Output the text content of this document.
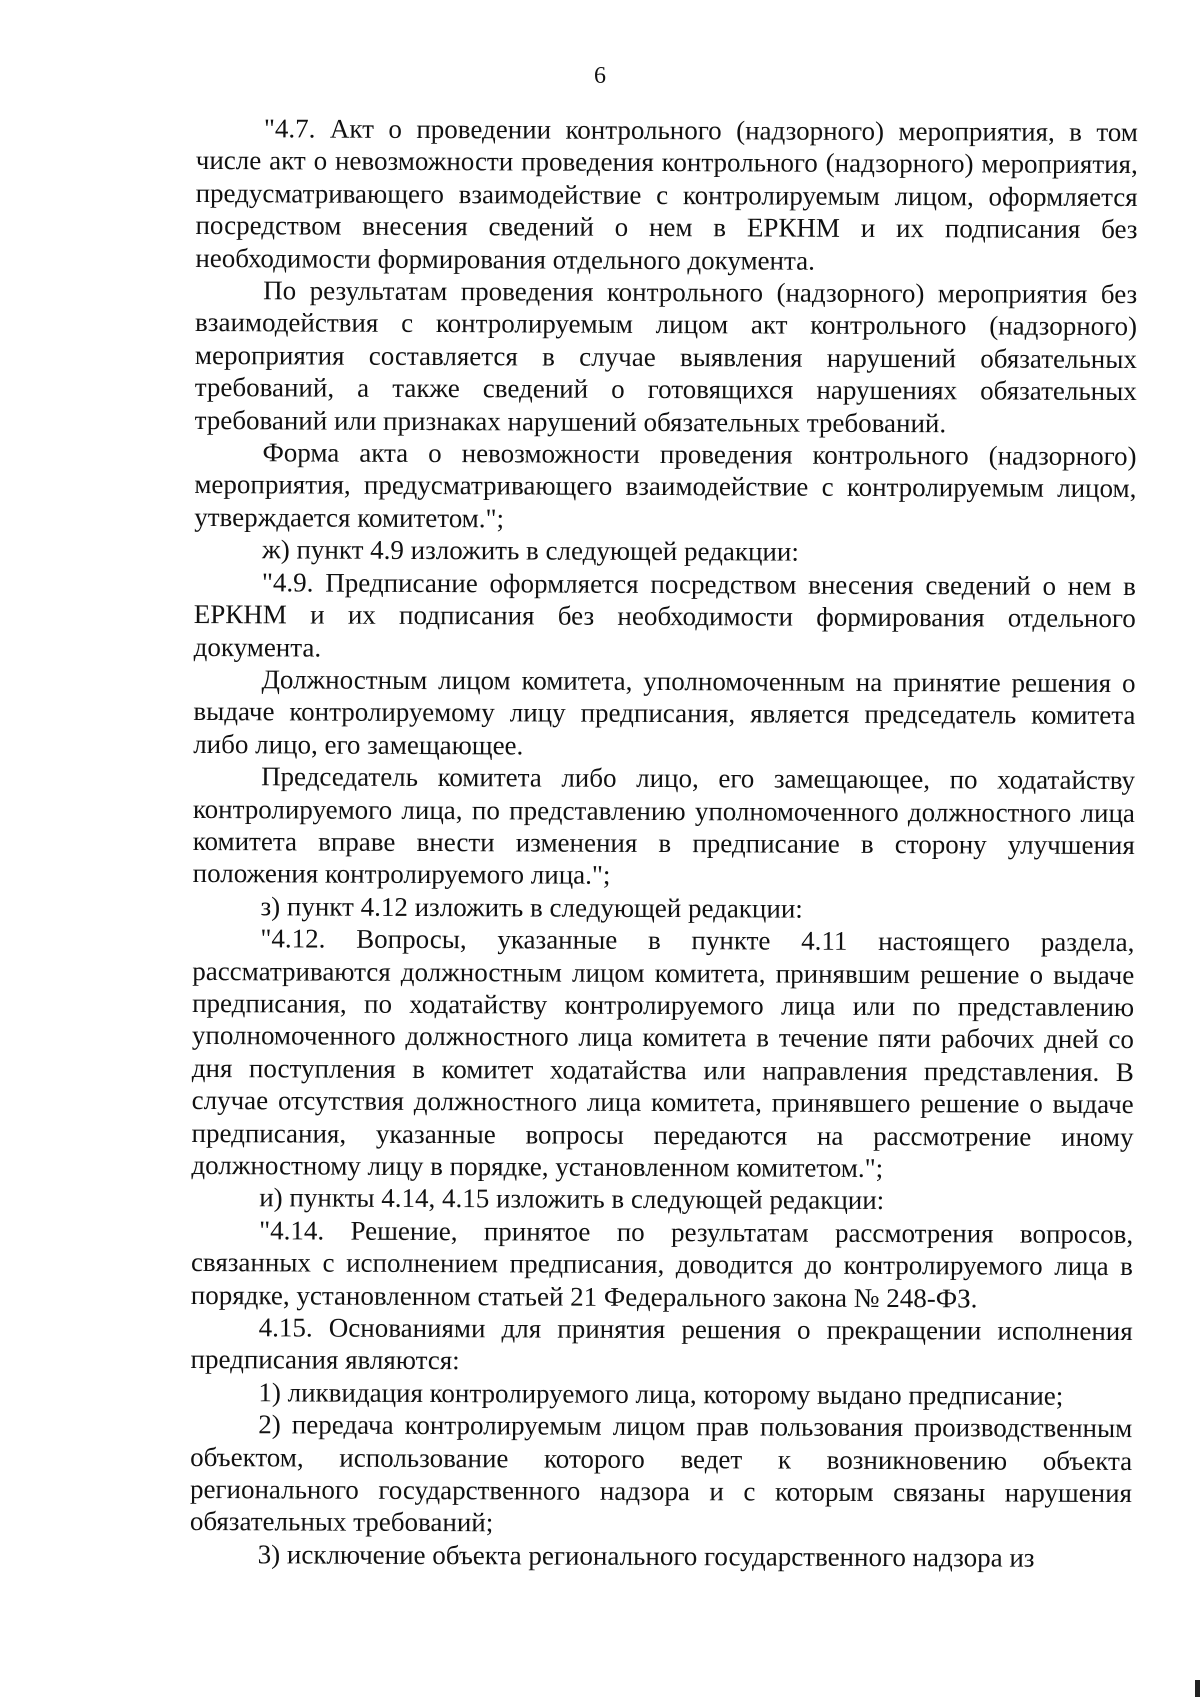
6

"4.7. Акт о проведении контрольного (надзорного) мероприятия, в том числе акт о невозможности проведения контрольного (надзорного) мероприятия, предусматривающего взаимодействие с контролируемым лицом, оформляется посредством внесения сведений о нем в ЕРКНМ и их подписания без необходимости формирования отдельного документа.

По результатам проведения контрольного (надзорного) мероприятия без взаимодействия с контролируемым лицом акт контрольного (надзорного) мероприятия составляется в случае выявления нарушений обязательных требований, а также сведений о готовящихся нарушениях обязательных требований или признаках нарушений обязательных требований.

Форма акта о невозможности проведения контрольного (надзорного) мероприятия, предусматривающего взаимодействие с контролируемым лицом, утверждается комитетом.";

ж) пункт 4.9 изложить в следующей редакции:

"4.9. Предписание оформляется посредством внесения сведений о нем в ЕРКНМ и их подписания без необходимости формирования отдельного документа.

Должностным лицом комитета, уполномоченным на принятие решения о выдаче контролируемому лицу предписания, является председатель комитета либо лицо, его замещающее.

Председатель комитета либо лицо, его замещающее, по ходатайству контролируемого лица, по представлению уполномоченного должностного лица комитета вправе внести изменения в предписание в сторону улучшения положения контролируемого лица.";

з) пункт 4.12 изложить в следующей редакции:

"4.12. Вопросы, указанные в пункте 4.11 настоящего раздела, рассматриваются должностным лицом комитета, принявшим решение о выдаче предписания, по ходатайству контролируемого лица или по представлению уполномоченного должностного лица комитета в течение пяти рабочих дней со дня поступления в комитет ходатайства или направления представления. В случае отсутствия должностного лица комитета, принявшего решение о выдаче предписания, указанные вопросы передаются на рассмотрение иному должностному лицу в порядке, установленном комитетом.";

и) пункты 4.14, 4.15 изложить в следующей редакции:

"4.14. Решение, принятое по результатам рассмотрения вопросов, связанных с исполнением предписания, доводится до контролируемого лица в порядке, установленном статьей 21 Федерального закона № 248-ФЗ.

4.15. Основаниями для принятия решения о прекращении исполнения предписания являются:

1) ликвидация контролируемого лица, которому выдано предписание;

2) передача контролируемым лицом прав пользования производственным объектом, использование которого ведет к возникновению объекта регионального государственного надзора и с которым связаны нарушения обязательных требований;

3) исключение объекта регионального государственного надзора из
